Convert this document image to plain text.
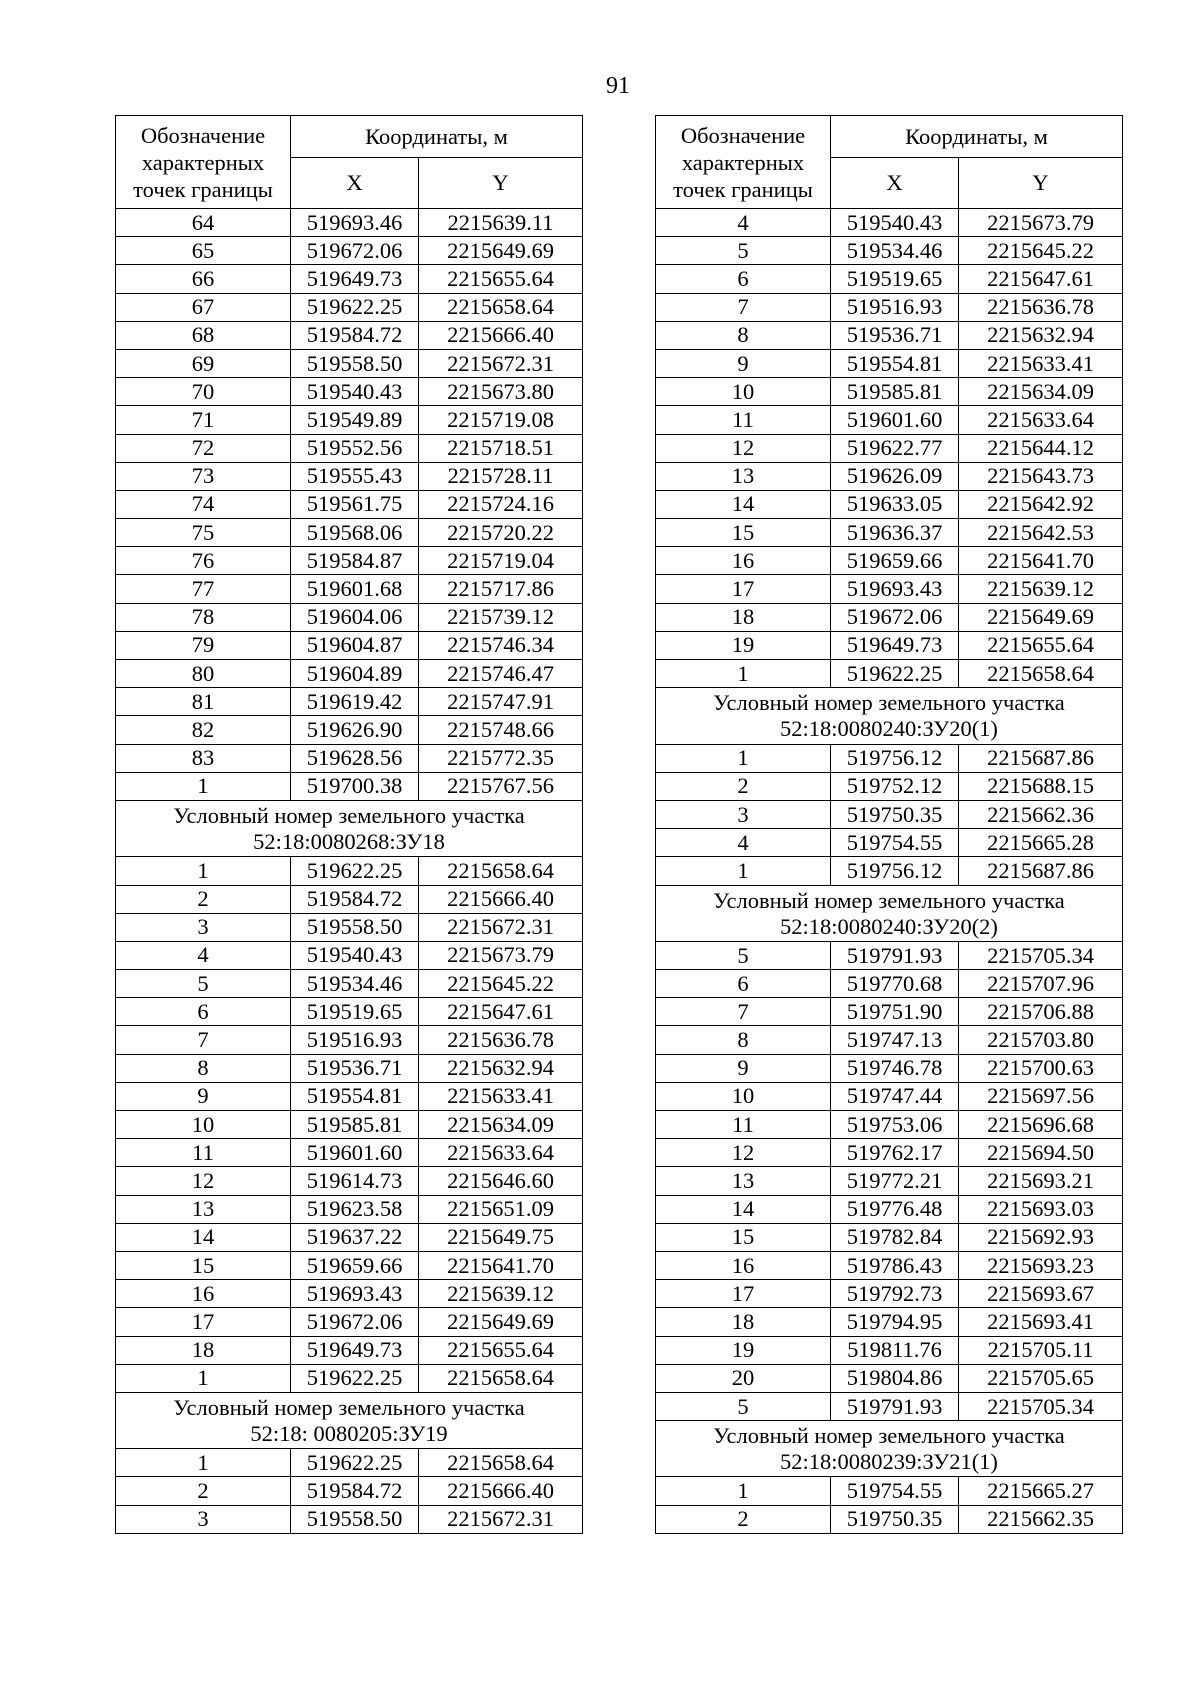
91
Обозначение характерных точек границы	Координаты, м	
	X	Y
64	519693.46	2215639.11
65	519672.06	2215649.69
66	519649.73	2215655.64
67	519622.25	2215658.64
68	519584.72	2215666.40
69	519558.50	2215672.31
70	519540.43	2215673.80
71	519549.89	2215719.08
72	519552.56	2215718.51
73	519555.43	2215728.11
74	519561.75	2215724.16
75	519568.06	2215720.22
76	519584.87	2215719.04
77	519601.68	2215717.86
78	519604.06	2215739.12
79	519604.87	2215746.34
80	519604.89	2215746.47
81	519619.42	2215747.91
82	519626.90	2215748.66
83	519628.56	2215772.35
1	519700.38	2215767.56
Условный номер земельного участка
52:18:0080268:ЗУ18		
1	519622.25	2215658.64
2	519584.72	2215666.40
3	519558.50	2215672.31
4	519540.43	2215673.79
5	519534.46	2215645.22
6	519519.65	2215647.61
7	519516.93	2215636.78
8	519536.71	2215632.94
9	519554.81	2215633.41
10	519585.81	2215634.09
11	519601.60	2215633.64
12	519614.73	2215646.60
13	519623.58	2215651.09
14	519637.22	2215649.75
15	519659.66	2215641.70
16	519693.43	2215639.12
17	519672.06	2215649.69
18	519649.73	2215655.64
1	519622.25	2215658.64
Условный номер земельного участка
52:18: 0080205:ЗУ19		
1	519622.25	2215658.64
2	519584.72	2215666.40
3	519558.50	2215672.31
Обозначение характерных точек границы	Координаты, м	
	X	Y
4	519540.43	2215673.79
5	519534.46	2215645.22
6	519519.65	2215647.61
7	519516.93	2215636.78
8	519536.71	2215632.94
9	519554.81	2215633.41
10	519585.81	2215634.09
11	519601.60	2215633.64
12	519622.77	2215644.12
13	519626.09	2215643.73
14	519633.05	2215642.92
15	519636.37	2215642.53
16	519659.66	2215641.70
17	519693.43	2215639.12
18	519672.06	2215649.69
19	519649.73	2215655.64
1	519622.25	2215658.64
Условный номер земельного участка
52:18:0080240:ЗУ20(1)		
1	519756.12	2215687.86
2	519752.12	2215688.15
3	519750.35	2215662.36
4	519754.55	2215665.28
1	519756.12	2215687.86
Условный номер земельного участка
52:18:0080240:ЗУ20(2)		
5	519791.93	2215705.34
6	519770.68	2215707.96
7	519751.90	2215706.88
8	519747.13	2215703.80
9	519746.78	2215700.63
10	519747.44	2215697.56
11	519753.06	2215696.68
12	519762.17	2215694.50
13	519772.21	2215693.21
14	519776.48	2215693.03
15	519782.84	2215692.93
16	519786.43	2215693.23
17	519792.73	2215693.67
18	519794.95	2215693.41
19	519811.76	2215705.11
20	519804.86	2215705.65
5	519791.93	2215705.34
Условный номер земельного участка
52:18:0080239:ЗУ21(1)		
1	519754.55	2215665.27
2	519750.35	2215662.35
